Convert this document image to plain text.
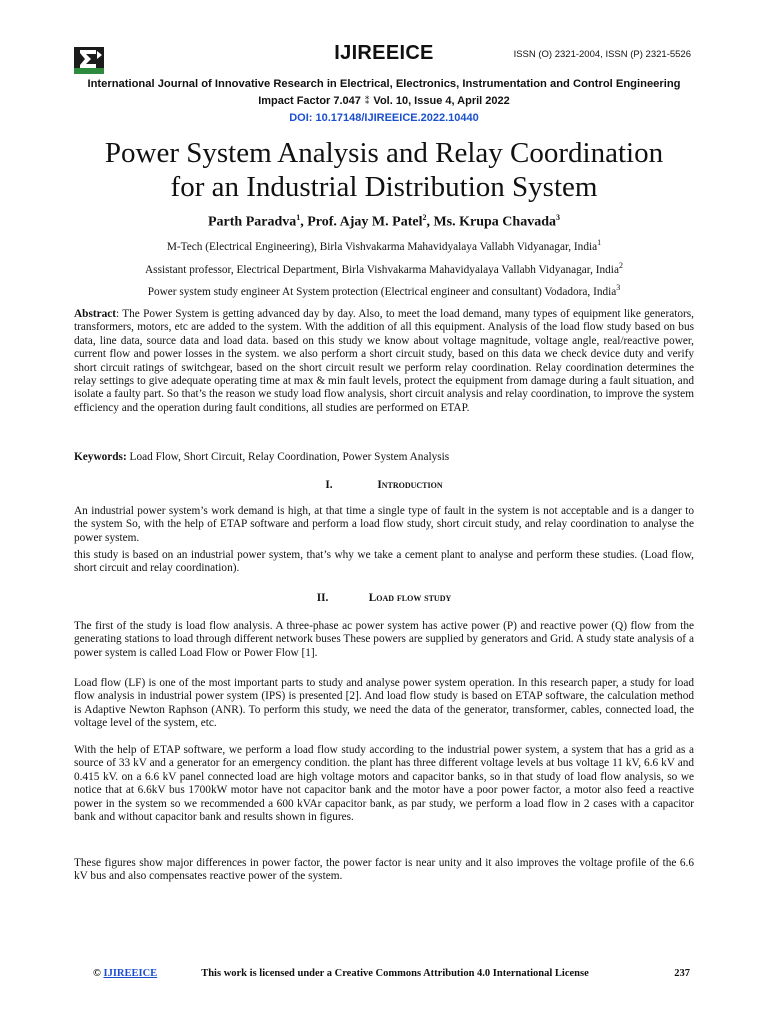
IJIREEICE	ISSN (O) 2321-2004, ISSN (P) 2321-5526
International Journal of Innovative Research in Electrical, Electronics, Instrumentation and Control Engineering
Impact Factor 7.047 ⁑ Vol. 10, Issue 4, April 2022
DOI: 10.17148/IJIREEICE.2022.10440
Power System Analysis and Relay Coordination
for an Industrial Distribution System
Parth Paradva$^1$, Prof. Ajay M. Patel$^2$, Ms. Krupa Chavada$^3$
M-Tech (Electrical Engineering), Birla Vishvakarma Mahavidyalaya Vallabh Vidyanagar, India$^1$
Assistant professor, Electrical Department, Birla Vishvakarma Mahavidyalaya Vallabh Vidyanagar, India$^2$
Power system study engineer At System protection (Electrical engineer and consultant) Vodadora, India$^3$

Abstract: The Power System is getting advanced day by day. Also, to meet the load demand, many types of equipment like generators, transformers, motors, etc are added to the system. With the addition of all this equipment. Analysis of the load flow study based on bus data, line data, source data and load data. based on this study we know about voltage magnitude, voltage angle, real/reactive power, current flow and power losses in the system. we also perform a short circuit study, based on this data we check device duty and verify short circuit ratings of switchgear, based on the short circuit result we perform relay coordination. Relay coordination determines the relay settings to give adequate operating time at max & min fault levels, protect the equipment from damage during a fault situation, and isolate a faulty part. So that’s the reason we study load flow analysis, short circuit analysis and relay coordination, to improve the system efficiency and the operation during fault conditions, all studies are performed on ETAP.

Keywords: Load Flow, Short Circuit, Relay Coordination, Power System Analysis

I.	Introduction

An industrial power system’s work demand is high, at that time a single type of fault in the system is not acceptable and is a danger to the system So, with the help of ETAP software and perform a load flow study, short circuit study, and relay coordination to analyse the power system.

this study is based on an industrial power system, that’s why we take a cement plant to analyse and perform these studies. (Load flow, short circuit and relay coordination).

II.	Load flow study

The first of the study is load flow analysis. A three-phase ac power system has active power (P) and reactive power (Q) flow from the generating stations to load through different network buses These powers are supplied by generators and Grid. A study state analysis of a power system is called Load Flow or Power Flow [1].

Load flow (LF) is one of the most important parts to study and analyse power system operation. In this research paper, a study for load flow analysis in industrial power system (IPS) is presented [2]. And load flow study is based on ETAP software, the calculation method is Adaptive Newton Raphson (ANR). To perform this study, we need the data of the generator, transformer, cables, connected load, the voltage level of the system, etc.

With the help of ETAP software, we perform a load flow study according to the industrial power system, a system that has a grid as a source of 33 kV and a generator for an emergency condition. the plant has three different voltage levels at bus voltage 11 kV, 6.6 kV and 0.415 kV. on a 6.6 kV panel connected load are high voltage motors and capacitor banks, so in that study of load flow analysis, so we notice that at 6.6kV bus 1700kW motor have not capacitor bank and the motor have a poor power factor, a motor also feed a reactive power in the system so we recommended a 600 kVAr capacitor bank, as par study, we perform a load flow in 2 cases with a capacitor bank and without capacitor bank and results shown in figures.

These figures show major differences in power factor, the power factor is near unity and it also improves the voltage profile of the 6.6 kV bus and also compensates reactive power of the system.

This work is licensed under a Creative Commons Attribution 4.0 International License
© IJIREEICE	237
